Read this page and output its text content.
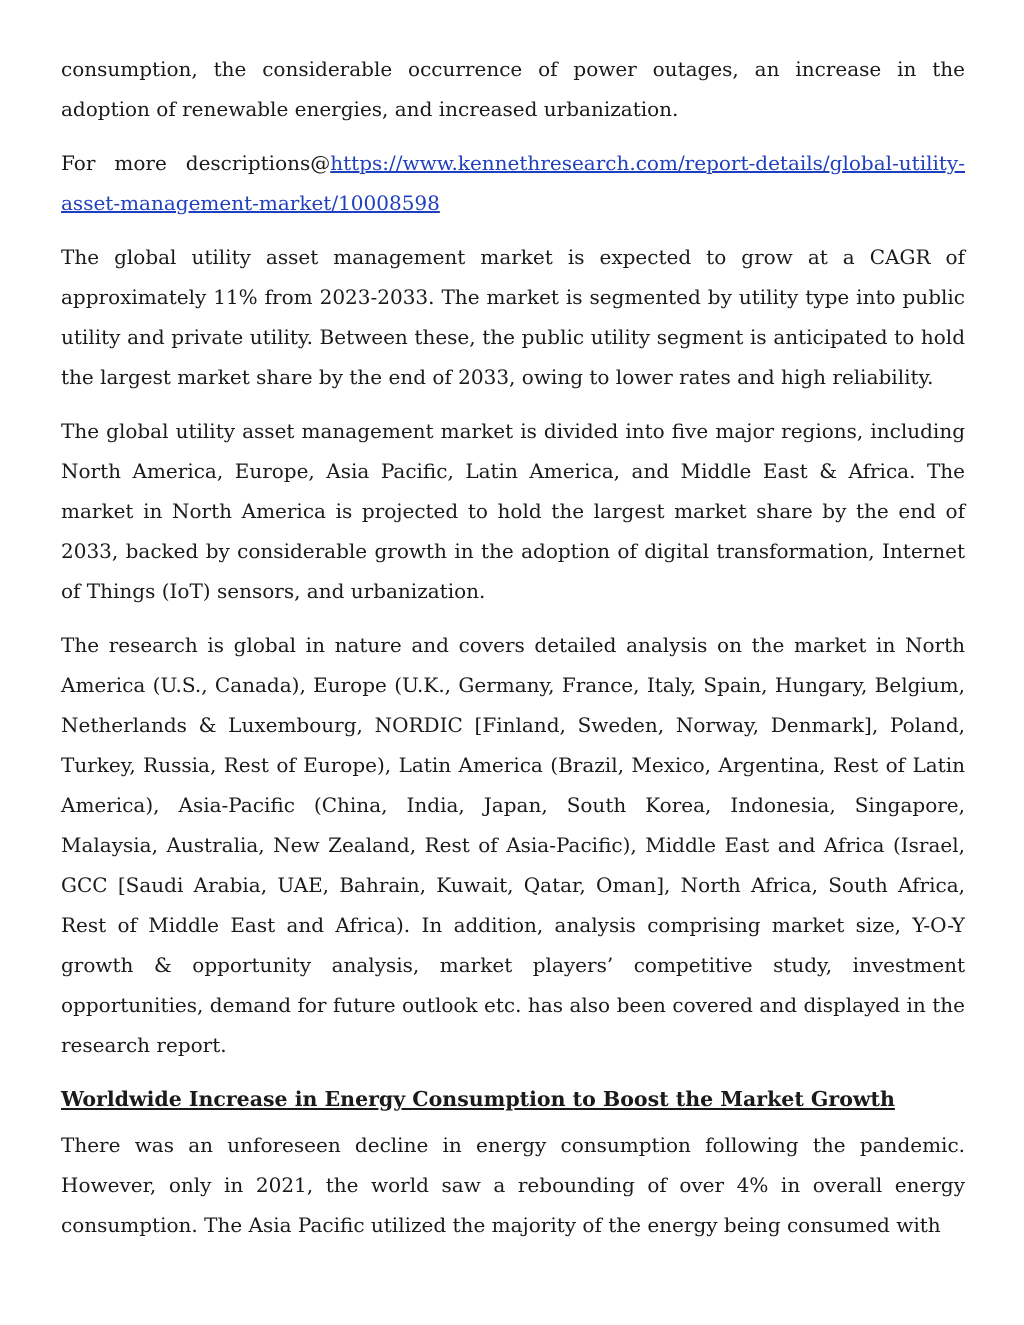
consumption, the considerable occurrence of power outages, an increase in the adoption of renewable energies, and increased urbanization.

For more descriptions@https://www.kennethresearch.com/report-details/global-utility-asset-management-market/10008598

The global utility asset management market is expected to grow at a CAGR of approximately 11% from 2023-2033. The market is segmented by utility type into public utility and private utility. Between these, the public utility segment is anticipated to hold the largest market share by the end of 2033, owing to lower rates and high reliability.

The global utility asset management market is divided into five major regions, including North America, Europe, Asia Pacific, Latin America, and Middle East & Africa. The market in North America is projected to hold the largest market share by the end of 2033, backed by considerable growth in the adoption of digital transformation, Internet of Things (IoT) sensors, and urbanization.

The research is global in nature and covers detailed analysis on the market in North America (U.S., Canada), Europe (U.K., Germany, France, Italy, Spain, Hungary, Belgium, Netherlands & Luxembourg, NORDIC [Finland, Sweden, Norway, Denmark], Poland, Turkey, Russia, Rest of Europe), Latin America (Brazil, Mexico, Argentina, Rest of Latin America), Asia-Pacific (China, India, Japan, South Korea, Indonesia, Singapore, Malaysia, Australia, New Zealand, Rest of Asia-Pacific), Middle East and Africa (Israel, GCC [Saudi Arabia, UAE, Bahrain, Kuwait, Qatar, Oman], North Africa, South Africa, Rest of Middle East and Africa). In addition, analysis comprising market size, Y-O-Y growth & opportunity analysis, market players’ competitive study, investment opportunities, demand for future outlook etc. has also been covered and displayed in the research report.

Worldwide Increase in Energy Consumption to Boost the Market Growth

There was an unforeseen decline in energy consumption following the pandemic. However, only in 2021, the world saw a rebounding of over 4% in overall energy consumption. The Asia Pacific utilized the majority of the energy being consumed with
